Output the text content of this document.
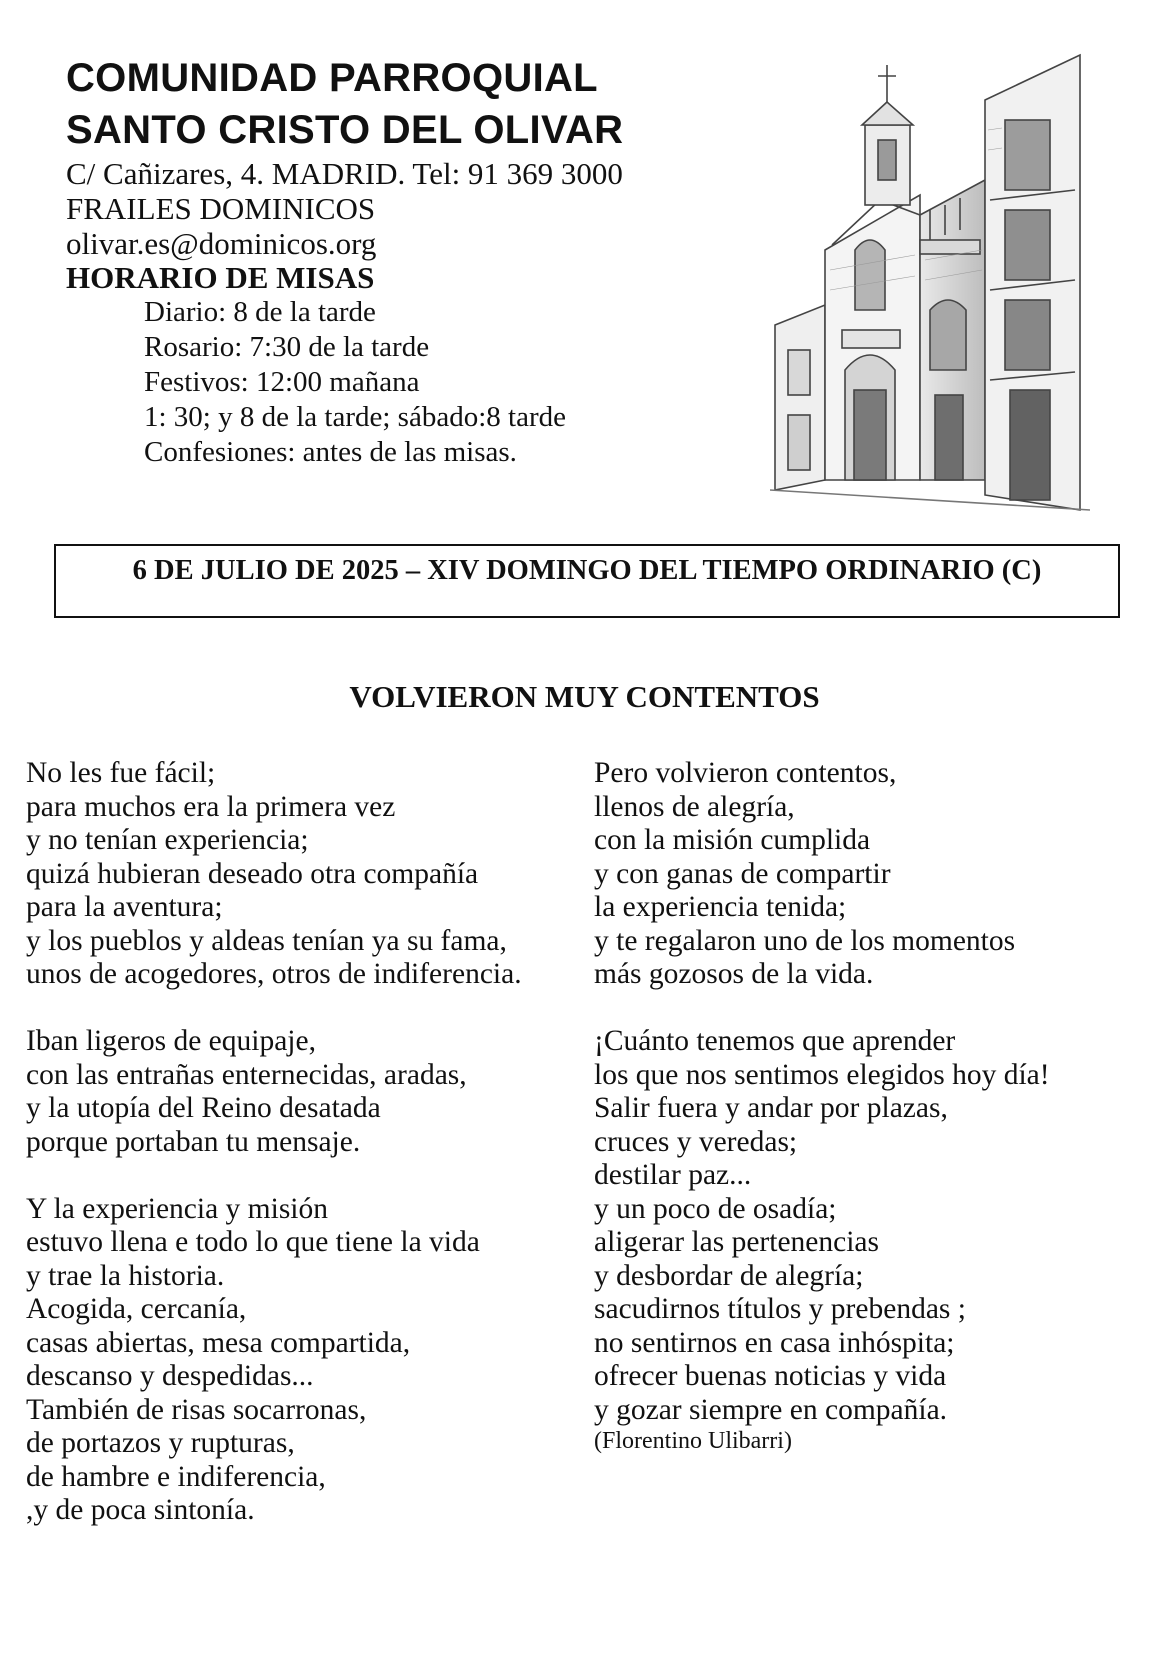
COMUNIDAD PARROQUIAL

SANTO CRISTO DEL OLIVAR

C/ Cañizares, 4. MADRID. Tel: 91 369 3000

FRAILES DOMINICOS

olivar.es@dominicos.org

HORARIO DE MISAS

Diario: 8 de la tarde
Rosario: 7:30 de la tarde
Festivos: 12:00 mañana
1: 30; y 8 de la tarde; sábado:8 tarde
Confesiones: antes de las misas.
6 DE JULIO DE 2025 – XIV DOMINGO DEL TIEMPO ORDINARIO (C)
VOLVIERON MUY CONTENTOS
No les fue fácil;
para muchos era la primera vez
y no tenían experiencia;
quizá hubieran deseado otra compañía
para la aventura;
y los pueblos y aldeas tenían ya su fama,
unos de acogedores, otros de indiferencia.
Iban ligeros de equipaje,
con las entrañas enternecidas, aradas,
y la utopía del Reino desatada
porque portaban tu mensaje.
Y la experiencia y misión
estuvo llena e todo lo que tiene la vida
y trae la historia.
Acogida, cercanía,
casas abiertas, mesa compartida,
descanso y despedidas...
También de risas socarronas,
de portazos y rupturas,
de hambre e indiferencia,
,y de poca sintonía.
Pero volvieron contentos,
llenos de alegría,
con la misión cumplida
y con ganas de compartir
la experiencia tenida;
y te regalaron uno de los momentos
más gozosos de la vida.
¡Cuánto tenemos que aprender
los que nos sentimos elegidos hoy día!
Salir fuera y andar por plazas,
cruces y veredas;
destilar paz...
y un poco de osadía;
aligerar las pertenencias
y desbordar de alegría;
sacudirnos títulos y prebendas ;
no sentirnos en casa inhóspita;
ofrecer buenas noticias y vida
y gozar siempre en compañía.
(Florentino Ulibarri)
